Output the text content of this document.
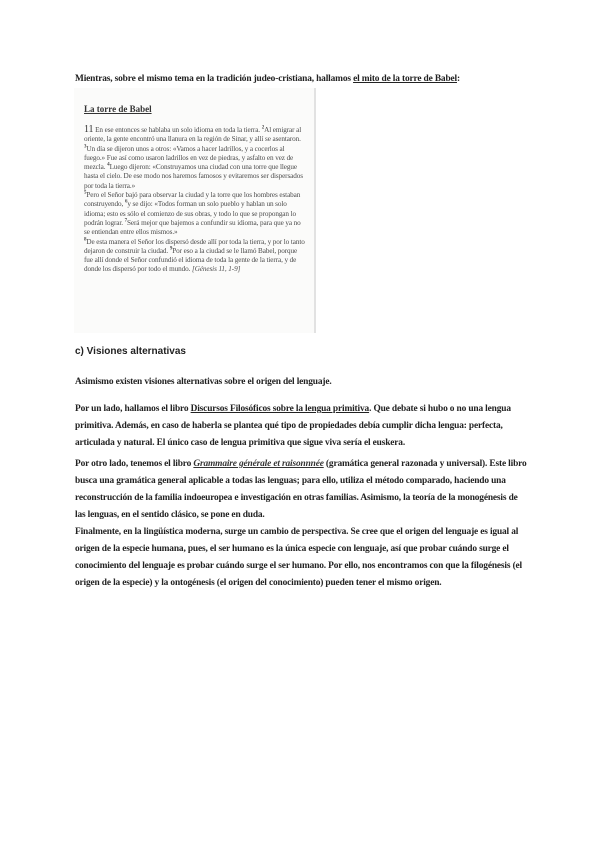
Mientras, sobre el mismo tema en la tradición judeo-cristiana, hallamos el mito de la torre de Babel:
La torre de Babel
11 En ese entonces se hablaba un solo idioma en toda la tierra. $^2$Al emigrar al oriente, la gente encontró una llanura en la región de Sinar, y allí se asentaron. $^3$Un día se dijeron unos a otros: «Vamos a hacer ladrillos, y a cocerlos al fuego.» Fue así como usaron ladrillos en vez de piedras, y asfalto en vez de mezcla. $^4$Luego dijeron: «Construyamos una ciudad con una torre que llegue hasta el cielo. De ese modo nos haremos famosos y evitaremos ser dispersados por toda la tierra.»
$^5$Pero el Señor bajó para observar la ciudad y la torre que los hombres estaban construyendo, $^6$y se dijo: «Todos forman un solo pueblo y hablan un solo idioma; esto es sólo el comienzo de sus obras, y todo lo que se propongan lo podrán lograr. $^7$Será mejor que bajemos a confundir su idioma, para que ya no se entiendan entre ellos mismos.»
$^8$De esta manera el Señor los dispersó desde allí por toda la tierra, y por lo tanto dejaron de construir la ciudad. $^9$Por eso a la ciudad se le llamó Babel, porque fue allí donde el Señor confundió el idioma de toda la gente de la tierra, y de donde los dispersó por todo el mundo. [Génesis 11, 1-9]
c) Visiones alternativas
Asimismo existen visiones alternativas sobre el origen del lenguaje.
Por un lado, hallamos el libro Discursos Filosóficos sobre la lengua primitiva. Que debate si hubo o no una lengua primitiva. Además, en caso de haberla se plantea qué tipo de propiedades debía cumplir dicha lengua: perfecta, articulada y natural. El único caso de lengua primitiva que sigue viva sería el euskera.
Por otro lado, tenemos el libro Grammaire générale et raisonnnée (gramática general razonada y universal). Este libro busca una gramática general aplicable a todas las lenguas; para ello, utiliza el método comparado, haciendo una reconstrucción de la familia indoeuropea e investigación en otras familias. Asimismo, la teoría de la monogénesis de las lenguas, en el sentido clásico, se pone en duda.
Finalmente, en la lingüística moderna, surge un cambio de perspectiva. Se cree que el origen del lenguaje es igual al origen de la especie humana, pues, el ser humano es la única especie con lenguaje, así que probar cuándo surge el conocimiento del lenguaje es probar cuándo surge el ser humano. Por ello, nos encontramos con que la filogénesis (el origen de la especie) y la ontogénesis (el origen del conocimiento) pueden tener el mismo origen.
